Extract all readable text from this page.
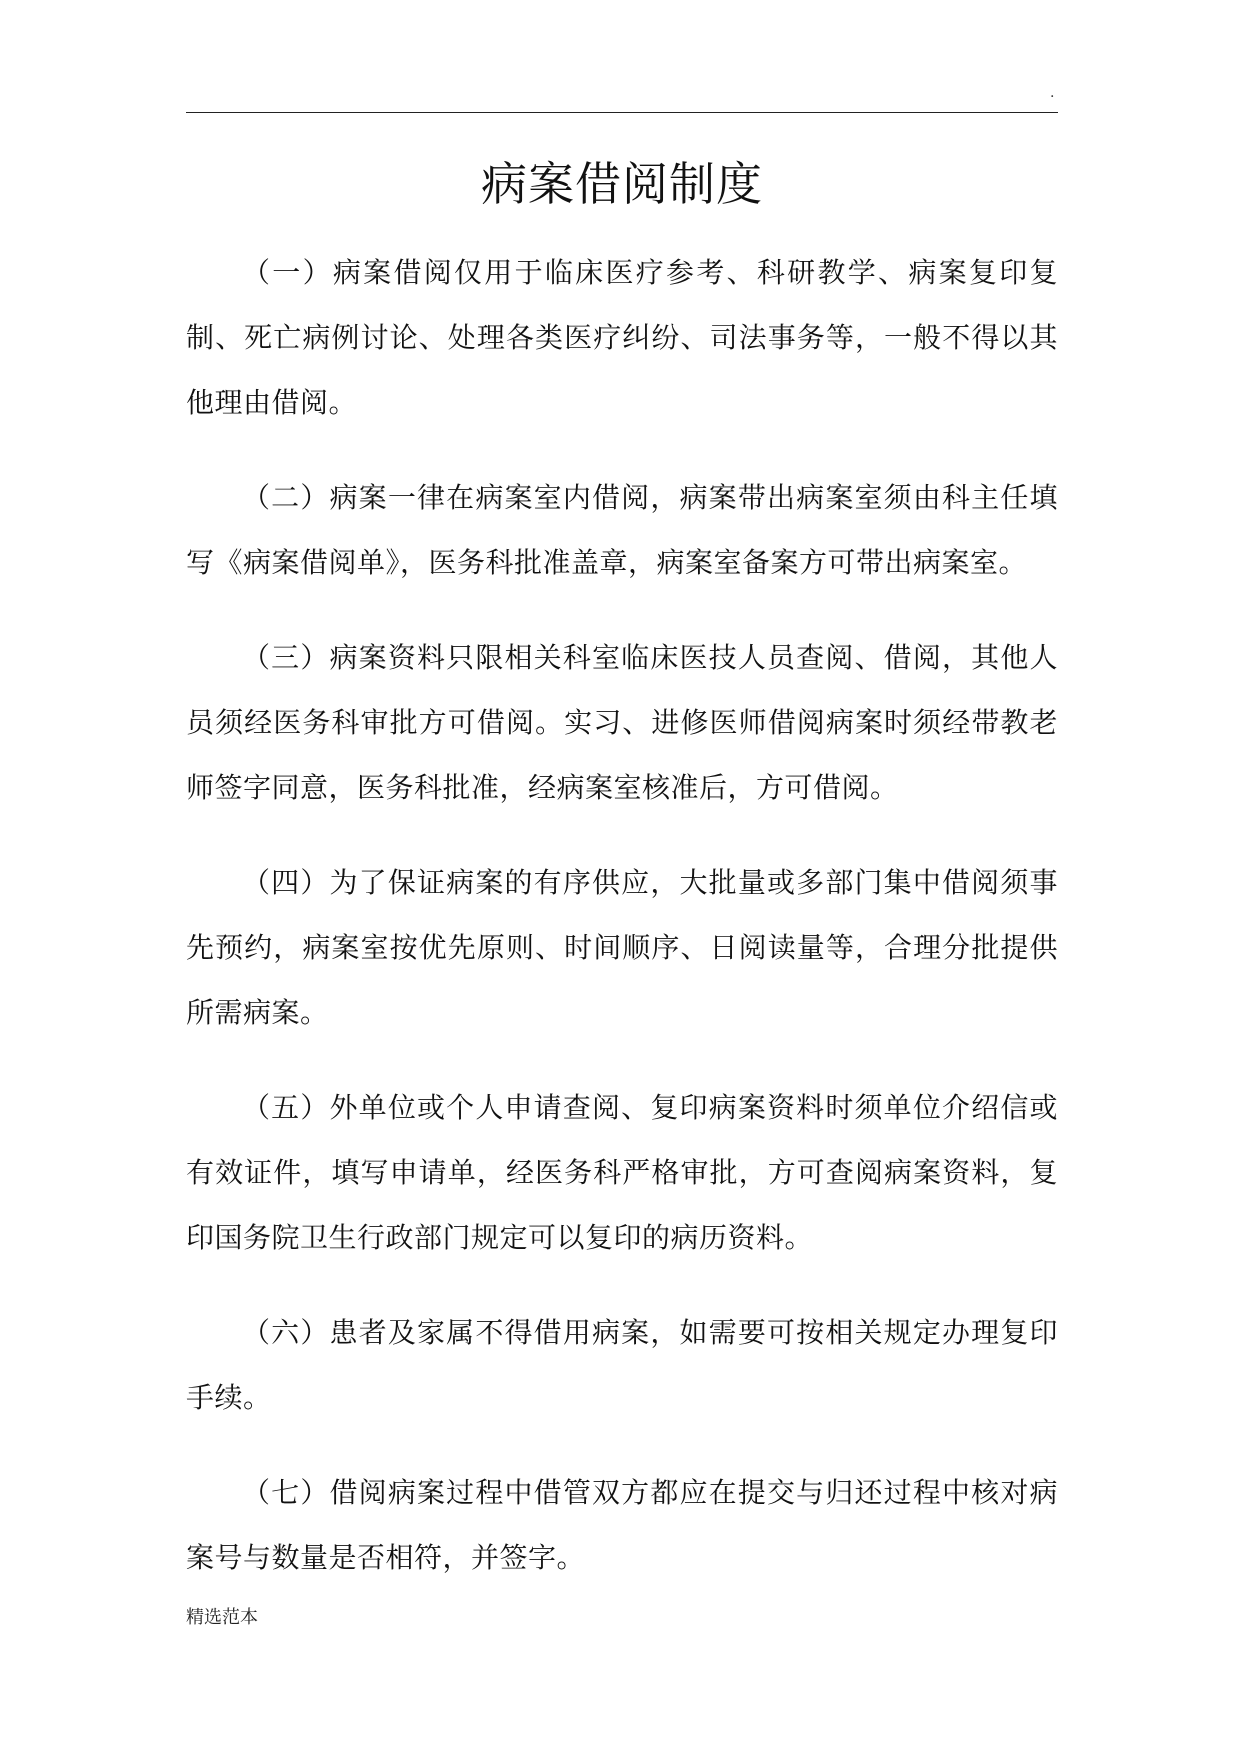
.
病案借阅制度

（一）病案借阅仅用于临床医疗参考、科研教学、病案复印复制、死亡病例讨论、处理各类医疗纠纷、司法事务等，一般不得以其他理由借阅。

（二）病案一律在病案室内借阅，病案带出病案室须由科主任填写《病案借阅单》，医务科批准盖章，病案室备案方可带出病案室。

（三）病案资料只限相关科室临床医技人员查阅、借阅，其他人员须经医务科审批方可借阅。实习、进修医师借阅病案时须经带教老师签字同意，医务科批准，经病案室核准后，方可借阅。

（四）为了保证病案的有序供应，大批量或多部门集中借阅须事先预约，病案室按优先原则、时间顺序、日阅读量等，合理分批提供所需病案。

（五）外单位或个人申请查阅、复印病案资料时须单位介绍信或有效证件，填写申请单，经医务科严格审批，方可查阅病案资料，复印国务院卫生行政部门规定可以复印的病历资料。

（六）患者及家属不得借用病案，如需要可按相关规定办理复印手续。

（七）借阅病案过程中借管双方都应在提交与归还过程中核对病案号与数量是否相符，并签字。

精选范本
